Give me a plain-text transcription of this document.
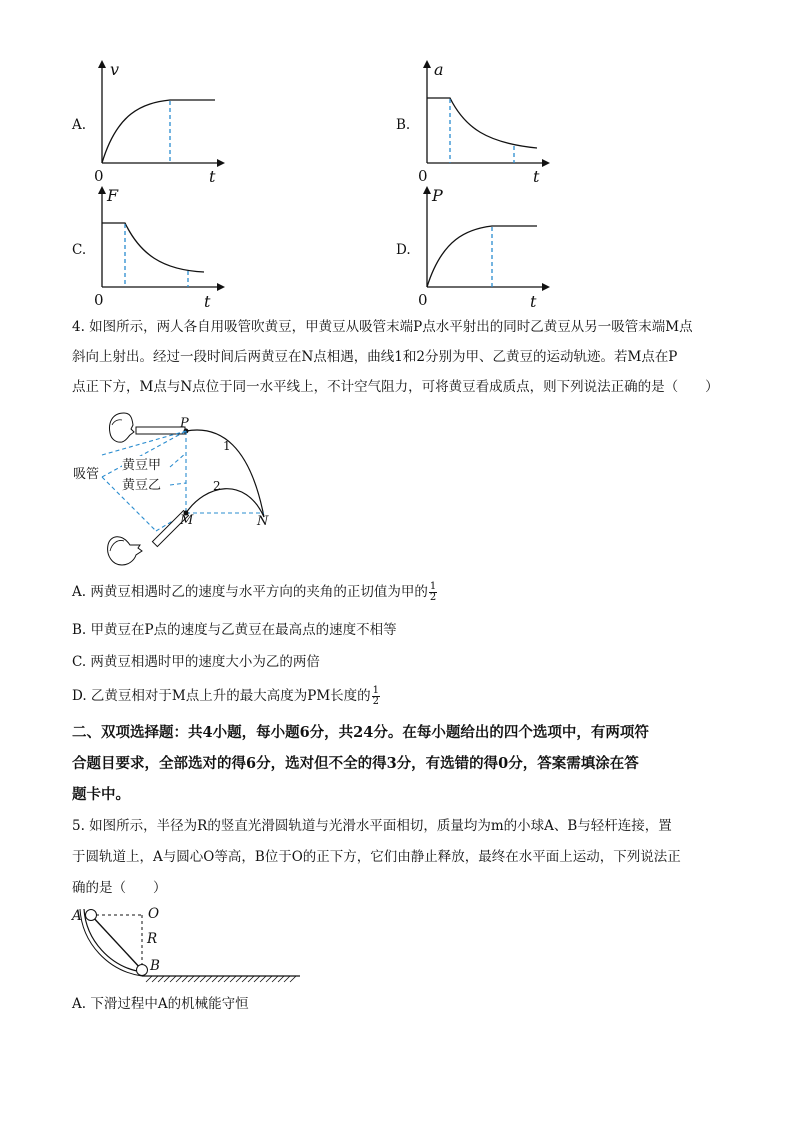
A.
v
0	t
B.
a
0	t
C.
F
0	t
D.
P
0	t
4. 如图所示，两人各自用吸管吹黄豆，甲黄豆从吸管末端P点水平射出的同时乙黄豆从另一吸管末端M点
斜向上射出。经过一段时间后两黄豆在N点相遇，曲线1和2分别为甲、乙黄豆的运动轨迹。若M点在P
点正下方，M点与N点位于同一水平线上，不计空气阻力，可将黄豆看成质点，则下列说法正确的是（　　）
P
1
2
M	N
吸管
黄豆甲
黄豆乙
A. 两黄豆相遇时乙的速度与水平方向的夹角的正切值为甲的 $\frac{1}{2}$
B. 甲黄豆在P点的速度与乙黄豆在最高点的速度不相等
C. 两黄豆相遇时甲的速度大小为乙的两倍
D. 乙黄豆相对于M点上升的最大高度为PM长度的 $\frac{1}{2}$
二、双项选择题：共4小题，每小题6分，共24分。在每小题给出的四个选项中，有两项符
合题目要求，全部选对的得6分，选对但不全的得3分，有选错的得0分，答案需填涂在答
题卡中。
5. 如图所示，半径为R的竖直光滑圆轨道与光滑水平面相切，质量均为m的小球A、B与轻杆连接，置
于圆轨道上，A与圆心O等高，B位于O的正下方，它们由静止释放，最终在水平面上运动，下列说法正
确的是（　　）
A	O
R
B
A. 下滑过程中A的机械能守恒
